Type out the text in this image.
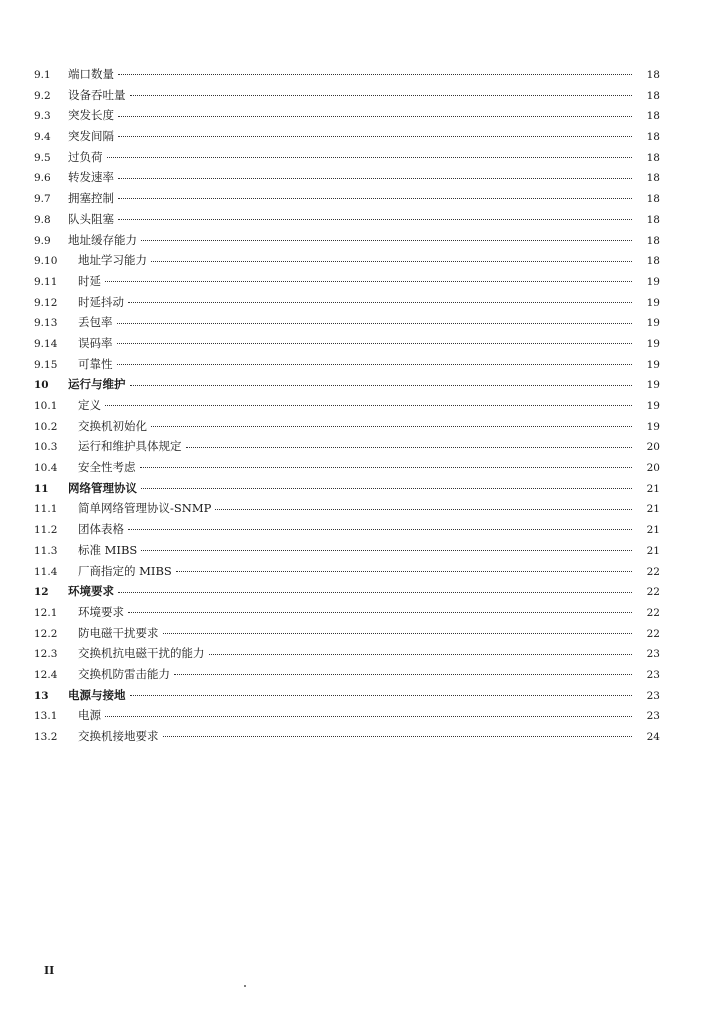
9.1	端口数量	18
9.2	设备吞吐量	18
9.3	突发长度	18
9.4	突发间隔	18
9.5	过负荷	18
9.6	转发速率	18
9.7	拥塞控制	18
9.8	队头阻塞	18
9.9	地址缓存能力	18
9.10	地址学习能力	18
9.11	时延	19
9.12	时延抖动	19
9.13	丢包率	19
9.14	误码率	19
9.15	可靠性	19
10	运行与维护	19
10.1	定义	19
10.2	交换机初始化	19
10.3	运行和维护具体规定	20
10.4	安全性考虑	20
11	网络管理协议	21
11.1	简单网络管理协议-SNMP	21
11.2	团体表格	21
11.3	标准 MIBS	21
11.4	厂商指定的 MIBS	22
12	环境要求	22
12.1	环境要求	22
12.2	防电磁干扰要求	22
12.3	交换机抗电磁干扰的能力	23
12.4	交换机防雷击能力	23
13	电源与接地	23
13.1	电源	23
13.2	交换机接地要求	24
II
